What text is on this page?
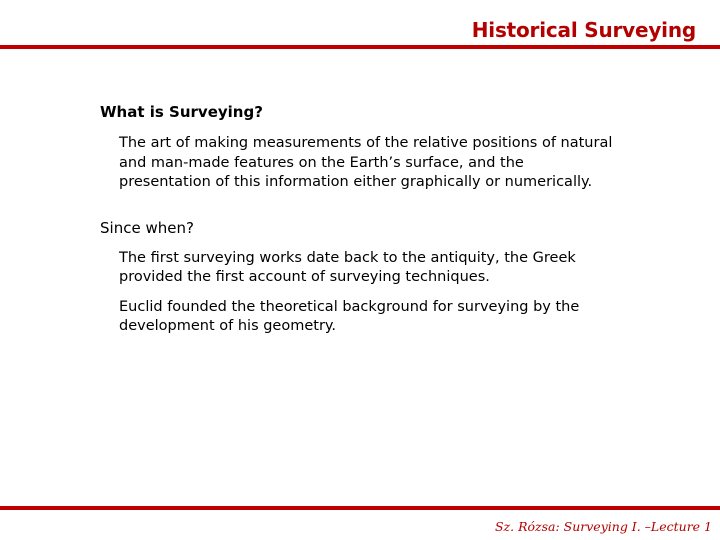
Historical Surveying

What is Surveying?

The art of making measurements of the relative positions of natural and man-made features on the Earth’s surface, and the presentation of this information either graphically or numerically.

Since when?

The first surveying works date back to the antiquity, the Greek provided the first account of surveying techniques.

Euclid founded the theoretical background for surveying by the development of his geometry.

Sz. Rózsa: Surveying I. –Lecture 1
